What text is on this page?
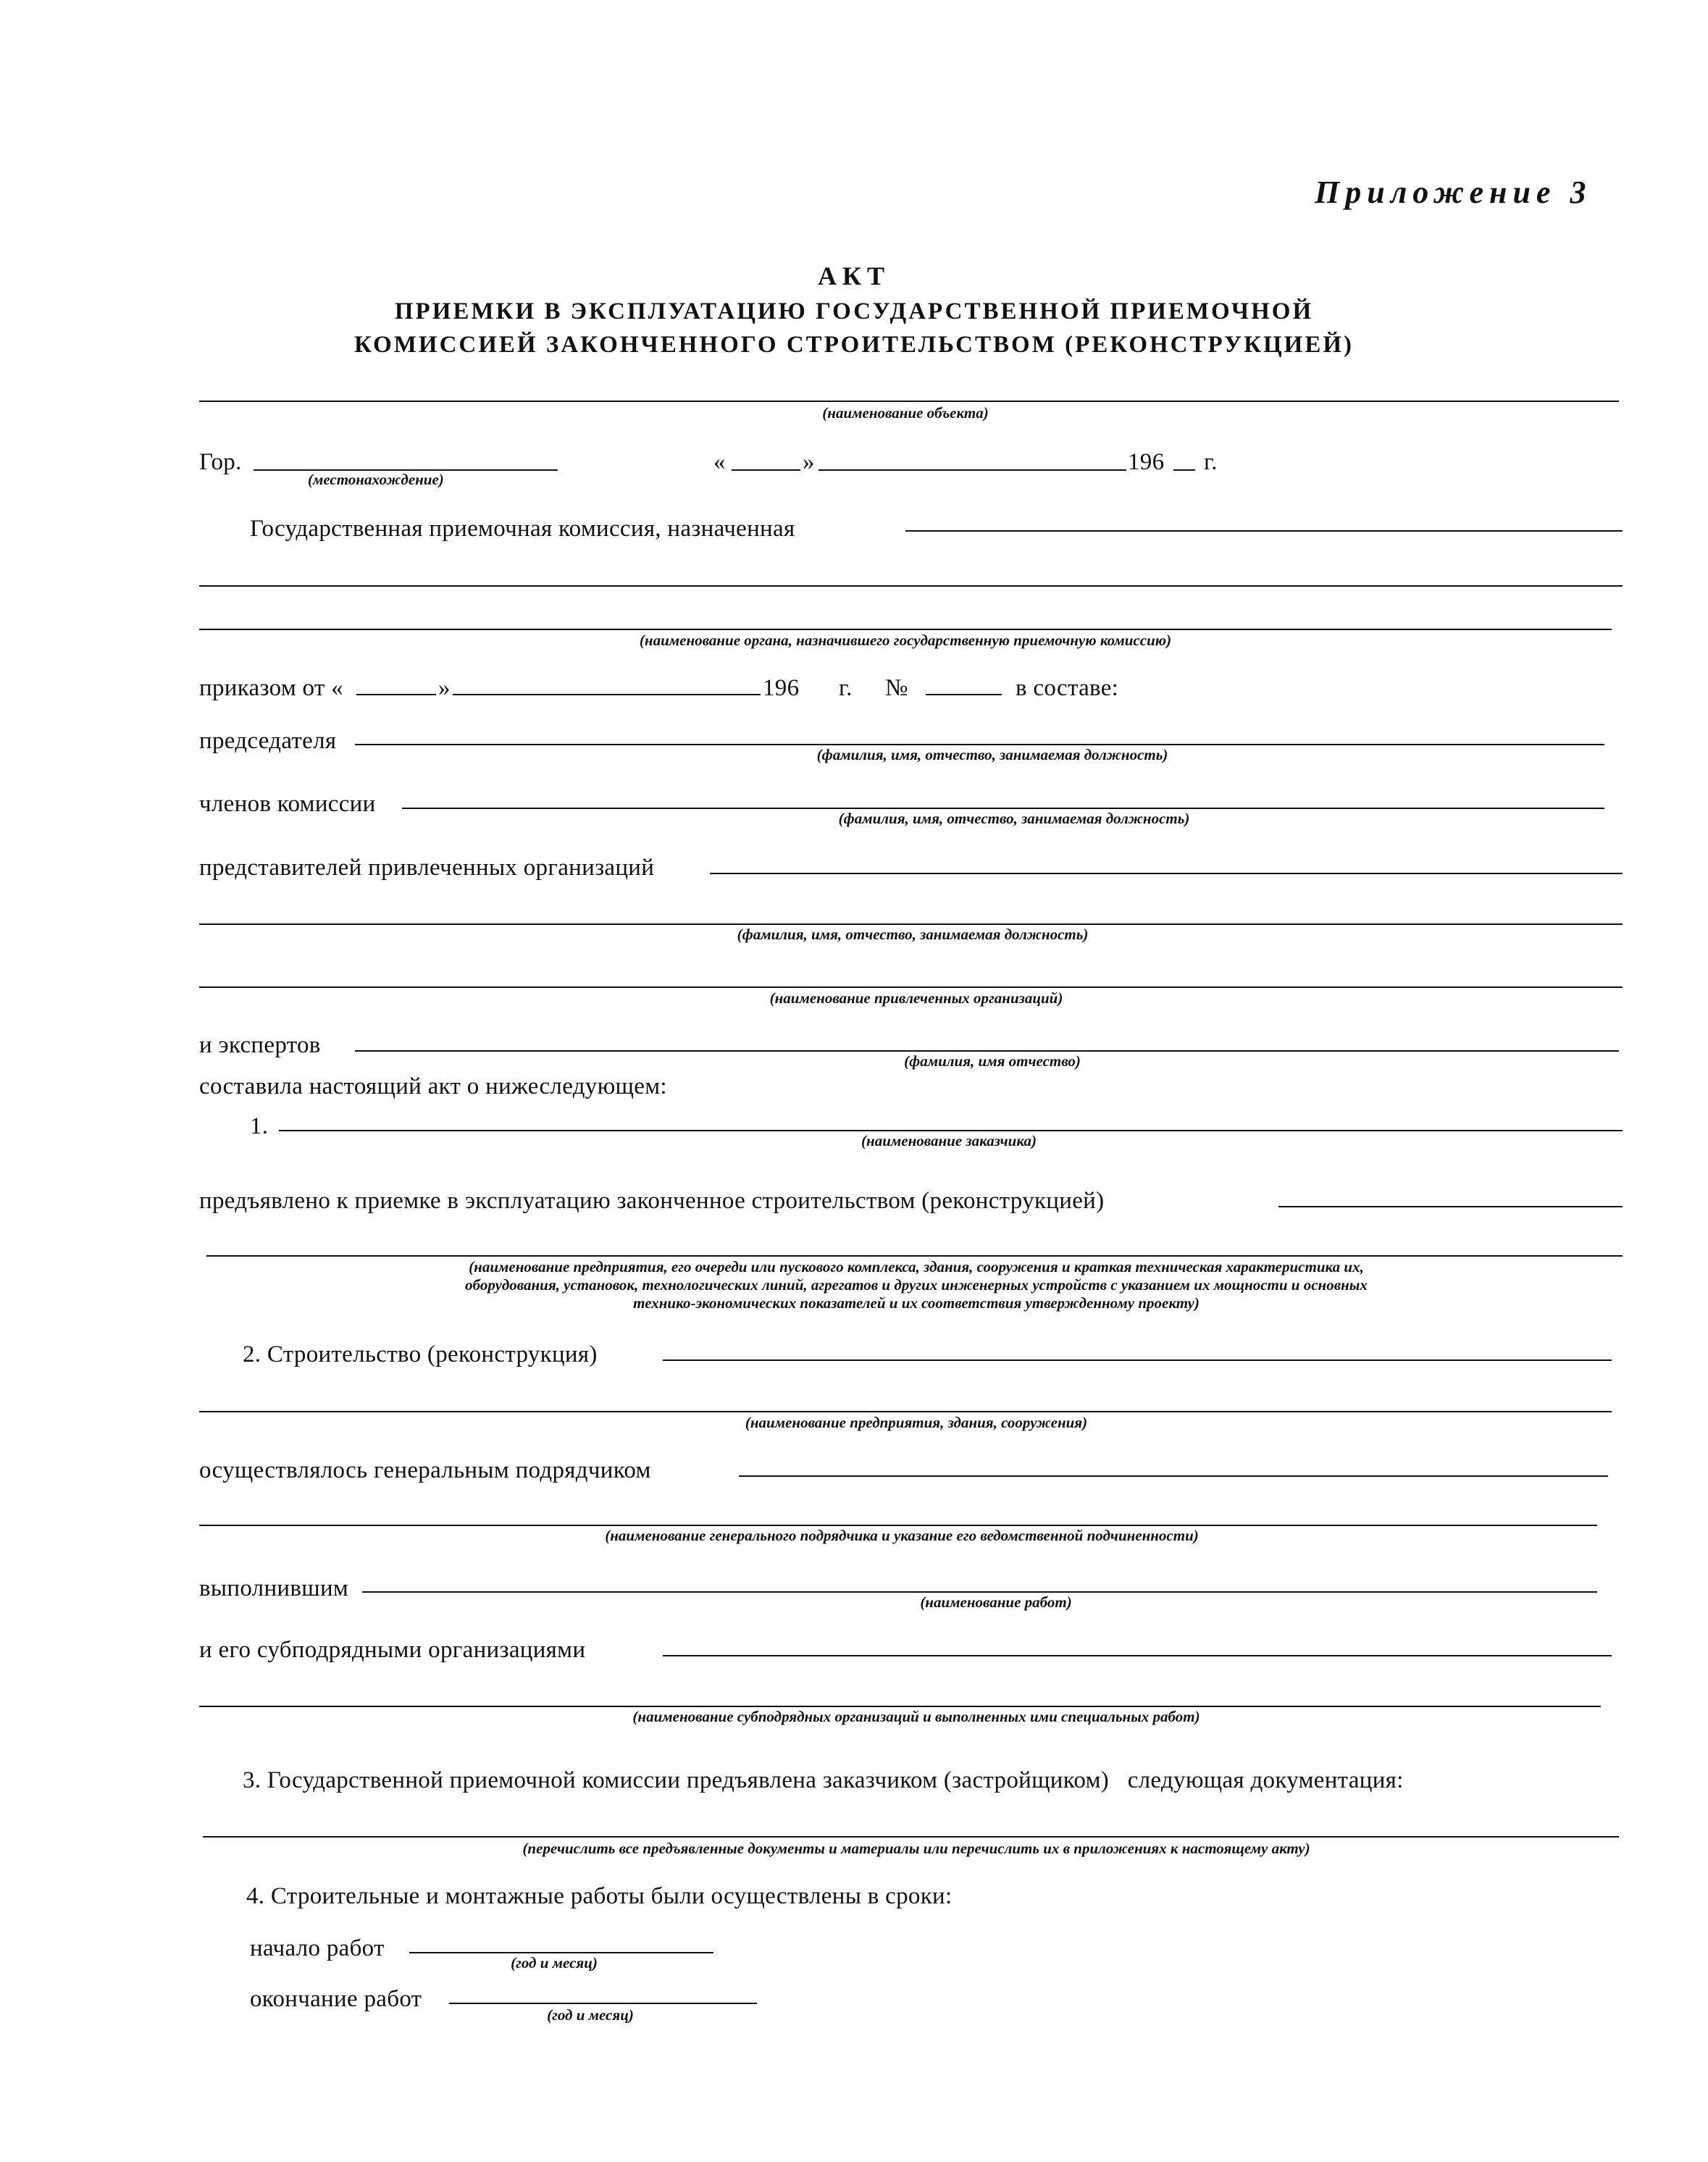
Приложение 3
АКТ
ПРИЕМКИ В ЭКСПЛУАТАЦИЮ ГОСУДАРСТВЕННОЙ ПРИЕМОЧНОЙ
КОМИССИЕЙ ЗАКОНЧЕННОГО СТРОИТЕЛЬСТВОМ (РЕКОНСТРУКЦИЕЙ)
(наименование объекта)
Гор.
(местонахождение)
«	»	196 г.
Государственная приемочная комиссия, назначенная
(наименование органа, назначившего государственную приемочную комиссию)
приказом от «	»	196 г. №	в составе:
председателя
(фамилия, имя, отчество, занимаемая должность)
членов комиссии
(фамилия, имя, отчество, занимаемая должность)
представителей привлеченных организаций
(фамилия, имя, отчество, занимаемая должность)
(наименование привлеченных организаций)
и экспертов
(фамилия, имя отчество)
составила настоящий акт о нижеследующем:
1.
(наименование заказчика)
предъявлено к приемке в эксплуатацию законченное строительством (реконструкцией)
(наименование предприятия, его очереди или пускового комплекса, здания, сооружения и краткая техническая характеристика их,
оборудования, установок, технологических линий, агрегатов и других инженерных устройств с указанием их мощности и основных
технико-экономических показателей и их соответствия утвержденному проекту)
2. Строительство (реконструкция)
(наименование предприятия, здания, сооружения)
осуществлялось генеральным подрядчиком
(наименование генерального подрядчика и указание его ведомственной подчиненности)
выполнившим
(наименование работ)
и его субподрядными организациями
(наименование субподрядных организаций и выполненных ими специальных работ)
3. Государственной приемочной комиссии предъявлена заказчиком (застройщиком)   следующая документация:
(перечислить все предъявленные документы и материалы или перечислить их в приложениях к настоящему акту)
4. Строительные и монтажные работы были осуществлены в сроки:
начало работ
(год и месяц)
окончание работ
(год и месяц)
